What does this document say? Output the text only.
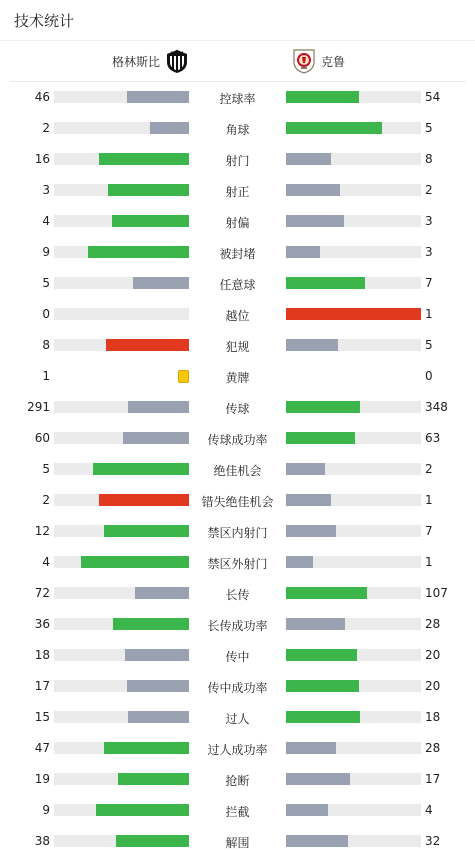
技术统计
格林斯比	克鲁
46	控球率	54
2	角球	5
16	射门	8
3	射正	2
4	射偏	3
9	被封堵	3
5	任意球	7
0	越位	1
8	犯规	5
1	黄牌	0
291	传球	348
60	传球成功率	63
5	绝佳机会	2
2	错失绝佳机会	1
12	禁区内射门	7
4	禁区外射门	1
72	长传	107
36	长传成功率	28
18	传中	20
17	传中成功率	20
15	过人	18
47	过人成功率	28
19	抢断	17
9	拦截	4
38	解围	32
